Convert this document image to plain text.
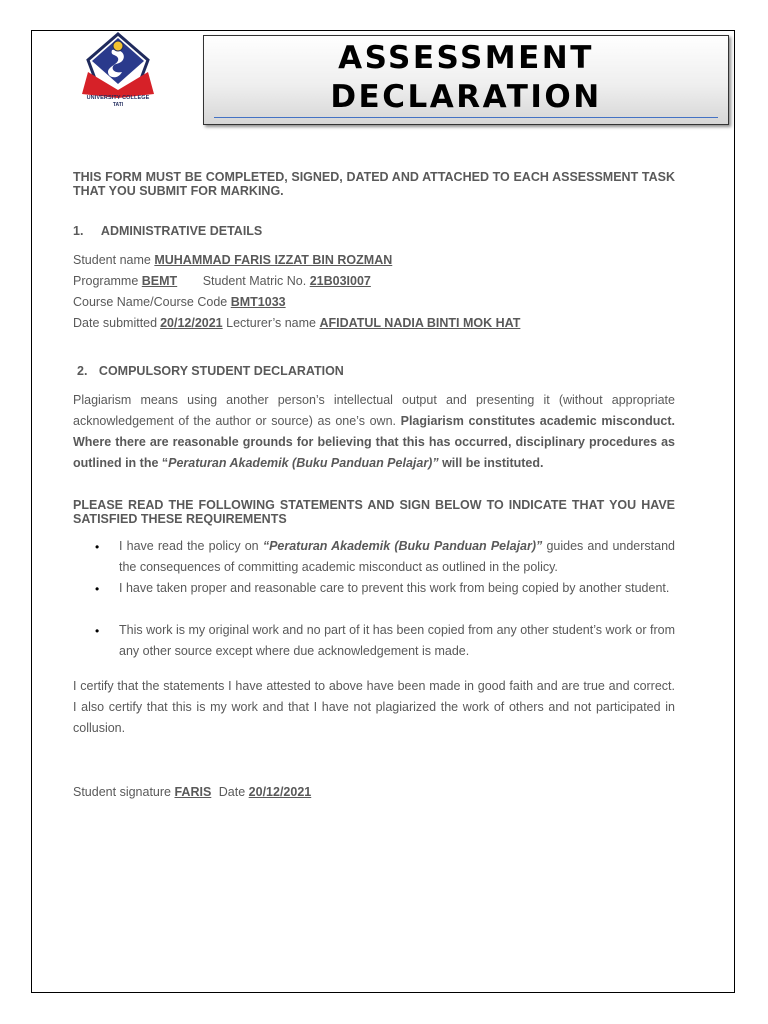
UNIVERSITY COLLEGE
TATI
ASSESSMENT
DECLARATION
THIS FORM MUST BE COMPLETED, SIGNED, DATED AND ATTACHED TO EACH ASSESSMENT TASK THAT YOU SUBMIT FOR MARKING.
1. ADMINISTRATIVE DETAILS
Student name MUHAMMAD FARIS IZZAT BIN ROZMAN
Programme BEMT Student Matric No. 21B03I007
Course Name/Course Code BMT1033
Date submitted 20/12/2021 Lecturer’s name AFIDATUL NADIA BINTI MOK HAT
2. COMPULSORY STUDENT DECLARATION
Plagiarism means using another person’s intellectual output and presenting it (without appropriate acknowledgement of the author or source) as one’s own. Plagiarism constitutes academic misconduct. Where there are reasonable grounds for believing that this has occurred, disciplinary procedures as outlined in the “Peraturan Akademik (Buku Panduan Pelajar)” will be instituted.
PLEASE READ THE FOLLOWING STATEMENTS AND SIGN BELOW TO INDICATE THAT YOU HAVE SATISFIED THESE REQUIREMENTS
• I have read the policy on “Peraturan Akademik (Buku Panduan Pelajar)” guides and understand the consequences of committing academic misconduct as outlined in the policy.
• I have taken proper and reasonable care to prevent this work from being copied by another student.
• This work is my original work and no part of it has been copied from any other student’s work or from any other source except where due acknowledgement is made.
I certify that the statements I have attested to above have been made in good faith and are true and correct. I also certify that this is my work and that I have not plagiarized the work of others and not participated in collusion.
Student signature FARIS Date 20/12/2021
